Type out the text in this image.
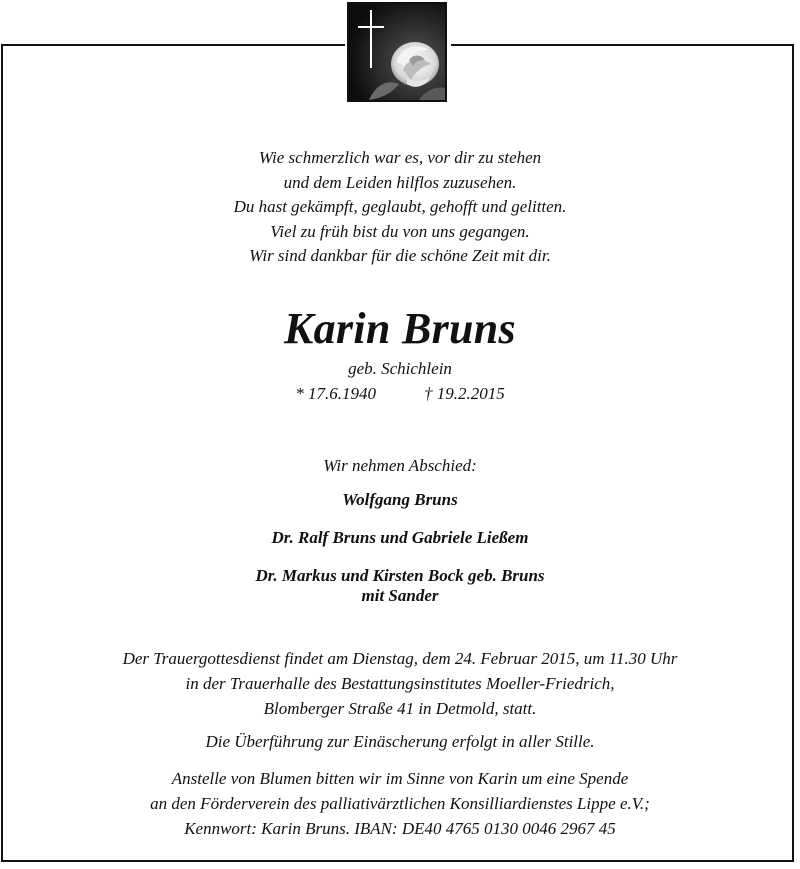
Wie schmerzlich war es, vor dir zu stehen
und dem Leiden hilflos zuzusehen.
Du hast gekämpft, geglaubt, gehofft und gelitten.
Viel zu früh bist du von uns gegangen.
Wir sind dankbar für die schöne Zeit mit dir.
Karin Bruns
geb. Schichlein
* 17.6.1940	† 19.2.2015
Wir nehmen Abschied:
Wolfgang Bruns
Dr. Ralf Bruns und Gabriele Ließem
Dr. Markus und Kirsten Bock geb. Bruns
mit Sander
Der Trauergottesdienst findet am Dienstag, dem 24. Februar 2015, um 11.30 Uhr
in der Trauerhalle des Bestattungsinstitutes Moeller-Friedrich,
Blomberger Straße 41 in Detmold, statt.
Die Überführung zur Einäscherung erfolgt in aller Stille.
Anstelle von Blumen bitten wir im Sinne von Karin um eine Spende
an den Förderverein des palliativärztlichen Konsilliardienstes Lippe e.V.;
Kennwort: Karin Bruns. IBAN: DE40 4765 0130 0046 2967 45
